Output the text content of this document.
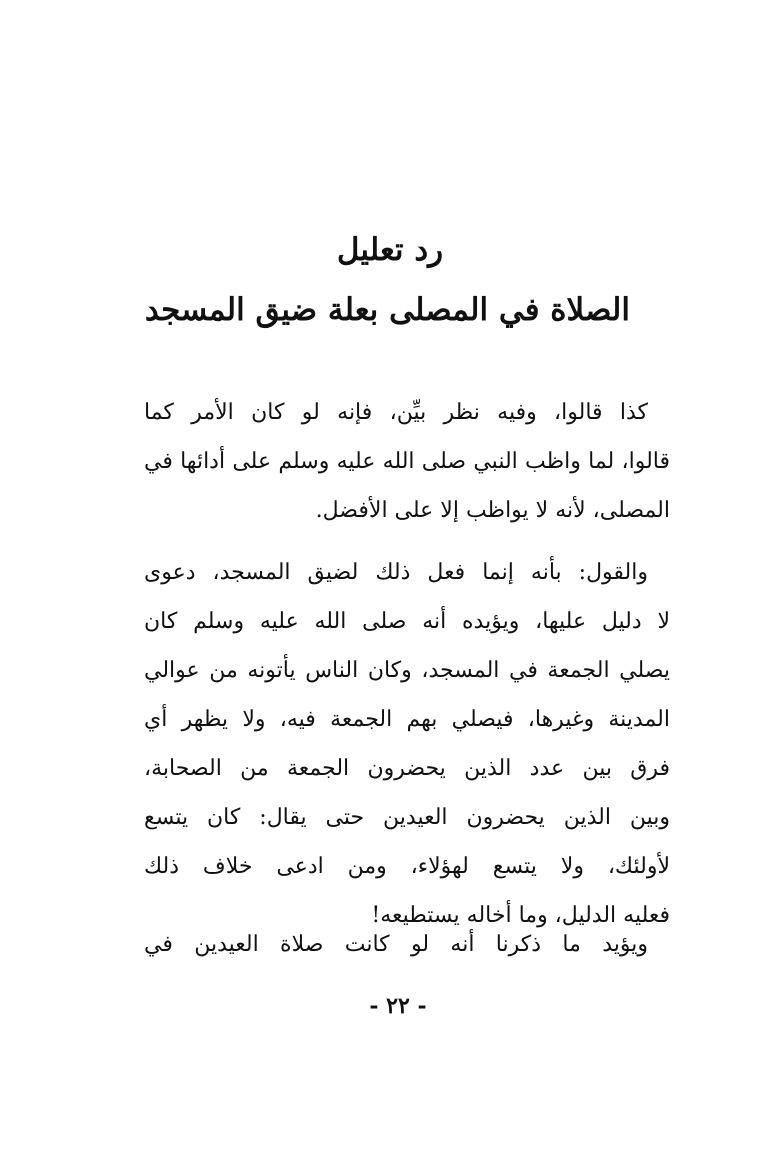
رد تعليل
الصلاة في المصلى بعلة ضيق المسجد
كذا قالوا، وفيه نظر بيِّن، فإنه لو كان الأمر كما
قالوا، لما واظب النبي صلى الله عليه وسلم على أدائها في
المصلى، لأنه لا يواظب إلا على الأفضل.
والقول: بأنه إنما فعل ذلك لضيق المسجد، دعوى
لا دليل عليها، ويؤيده أنه صلى الله عليه وسلم كان
يصلي الجمعة في المسجد، وكان الناس يأتونه من عوالي
المدينة وغيرها، فيصلي بهم الجمعة فيه، ولا يظهر أي
فرق بين عدد الذين يحضرون الجمعة من الصحابة،
وبين الذين يحضرون العيدين حتى يقال: كان يتسع
لأولئك، ولا يتسع لهؤلاء، ومن ادعى خلاف ذلك
فعليه الدليل، وما أخاله يستطيعه!
ويؤيد ما ذكرنا أنه لو كانت صلاة العيدين في
- ٢٢ -
